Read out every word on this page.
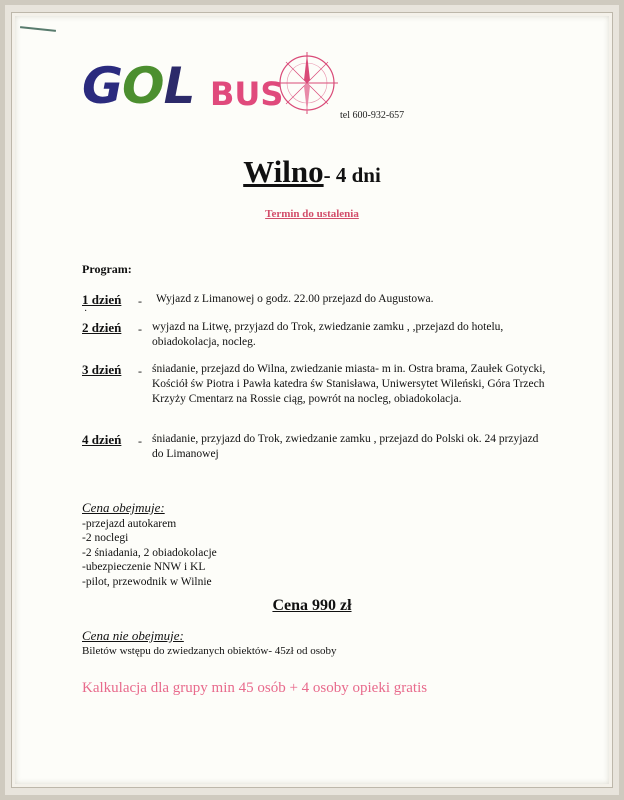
GOL BUS
tel 600-932-657
Wilno- 4 dni
Termin do ustalenia
Program:
1 dzień - Wyjazd z Limanowej o godz. 22.00 przejazd do Augustowa.
·
2 dzień - wyjazd na Litwę, przyjazd do Trok, zwiedzanie zamku , ,przejazd do hotelu, obiadokolacja, nocleg.
3 dzień - śniadanie, przejazd do Wilna, zwiedzanie miasta- m in. Ostra brama, Zaułek Gotycki, Kościół św Piotra i Pawła katedra św Stanisława, Uniwersytet Wileński, Góra Trzech Krzyży Cmentarz na Rossie ciąg, powrót na nocleg, obiadokolacja.
4 dzień - śniadanie, przyjazd do Trok, zwiedzanie zamku , przejazd do Polski ok. 24 przyjazd do Limanowej
Cena obejmuje:
-przejazd autokarem
-2 noclegi
-2 śniadania, 2 obiadokolacje
-ubezpieczenie NNW i KL
-pilot, przewodnik w Wilnie
Cena 990 zł
Cena nie obejmuje:
Biletów wstępu do zwiedzanych obiektów- 45zł od osoby
Kalkulacja dla grupy min 45 osób + 4 osoby opieki gratis
